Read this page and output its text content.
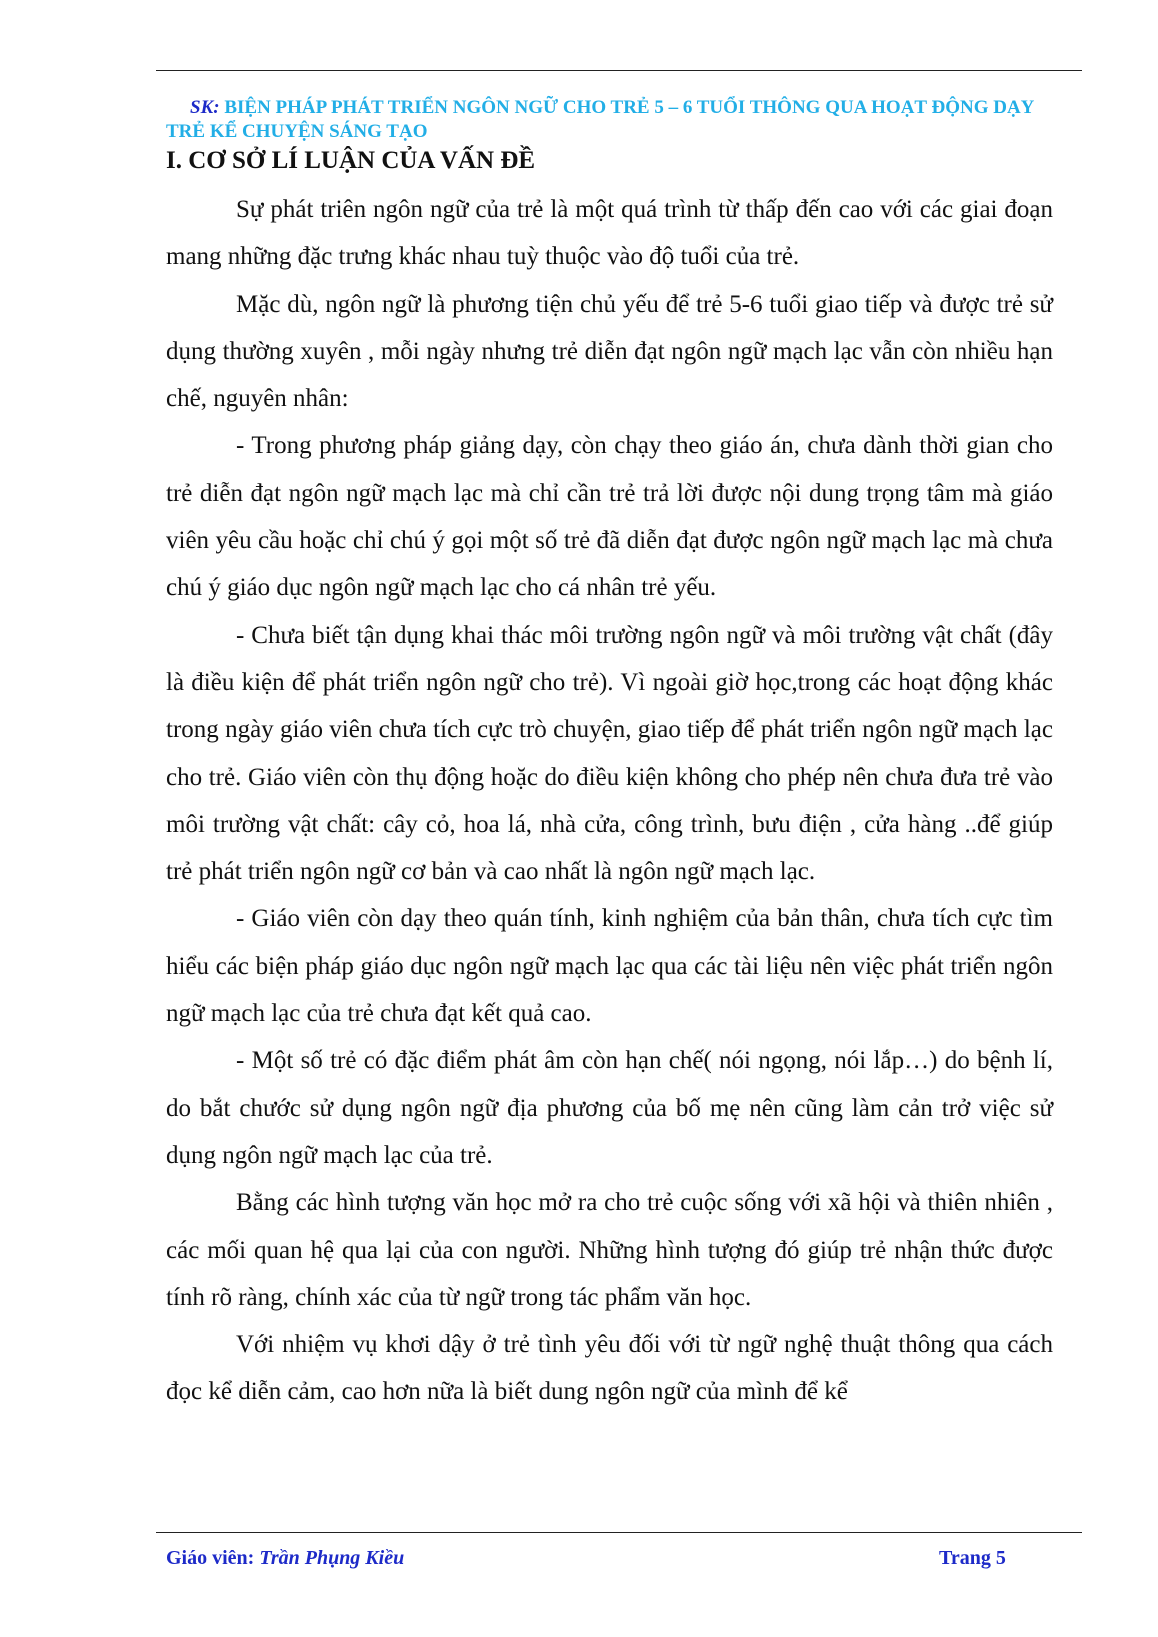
SK: BIỆN PHÁP PHÁT TRIỂN NGÔN NGỮ CHO TRẺ 5 – 6 TUỔI THÔNG QUA HOẠT ĐỘNG DẠY TRẺ KỂ CHUYỆN SÁNG TẠO
I. CƠ SỞ LÍ LUẬN CỦA VẤN ĐỀ

Sự phát triên ngôn ngữ của trẻ là một quá trình từ thấp đến cao với các giai đoạn mang những đặc trưng khác nhau tuỳ thuộc vào độ tuổi của trẻ.

Mặc dù, ngôn ngữ là phương tiện chủ yếu để trẻ 5-6 tuổi giao tiếp và được trẻ sử dụng thường xuyên , mỗi ngày nhưng trẻ diễn đạt ngôn ngữ mạch lạc vẫn còn nhiều hạn chế, nguyên nhân:

- Trong phương pháp giảng dạy, còn chạy theo giáo án, chưa dành thời gian cho trẻ diễn đạt ngôn ngữ mạch lạc mà chỉ cần trẻ trả lời được nội dung trọng tâm mà giáo viên yêu cầu hoặc chỉ chú ý gọi một số trẻ đã diễn đạt được ngôn ngữ mạch lạc mà chưa chú ý giáo dục ngôn ngữ mạch lạc cho cá nhân trẻ yếu.

- Chưa biết tận dụng khai thác môi trường ngôn ngữ và môi trường vật chất (đây là điều kiện để phát triển ngôn ngữ cho trẻ). Vì ngoài giờ học,trong các hoạt động khác trong ngày giáo viên chưa tích cực trò chuyện, giao tiếp để phát triển ngôn ngữ mạch lạc cho trẻ. Giáo viên còn thụ động hoặc do điều kiện không cho phép nên chưa đưa trẻ vào môi trường vật chất: cây cỏ, hoa lá, nhà cửa, công trình, bưu điện , cửa hàng ..để giúp trẻ phát triển ngôn ngữ cơ bản và cao nhất là ngôn ngữ mạch lạc.

- Giáo viên còn dạy theo quán tính, kinh nghiệm của bản thân, chưa tích cực tìm hiểu các biện pháp giáo dục ngôn ngữ mạch lạc qua các tài liệu nên việc phát triển ngôn ngữ mạch lạc của trẻ chưa đạt kết quả cao.

- Một số trẻ có đặc điểm phát âm còn hạn chế( nói ngọng, nói lắp…) do bệnh lí, do bắt chước sử dụng ngôn ngữ địa phương của bố mẹ nên cũng làm cản trở việc sử dụng ngôn ngữ mạch lạc của trẻ.

Bằng các hình tượng văn học mở ra cho trẻ cuộc sống với xã hội và thiên nhiên , các mối quan hệ qua lại của con người. Những hình tượng đó giúp trẻ nhận thức được tính rõ ràng, chính xác của từ ngữ trong tác phẩm văn học.

Với nhiệm vụ khơi dậy ở trẻ tình yêu đối với từ ngữ nghệ thuật thông qua cách đọc kể diễn cảm, cao hơn nữa là biết dung ngôn ngữ của mình để kể

Giáo viên: Trần Phụng Kiều	Trang 5
